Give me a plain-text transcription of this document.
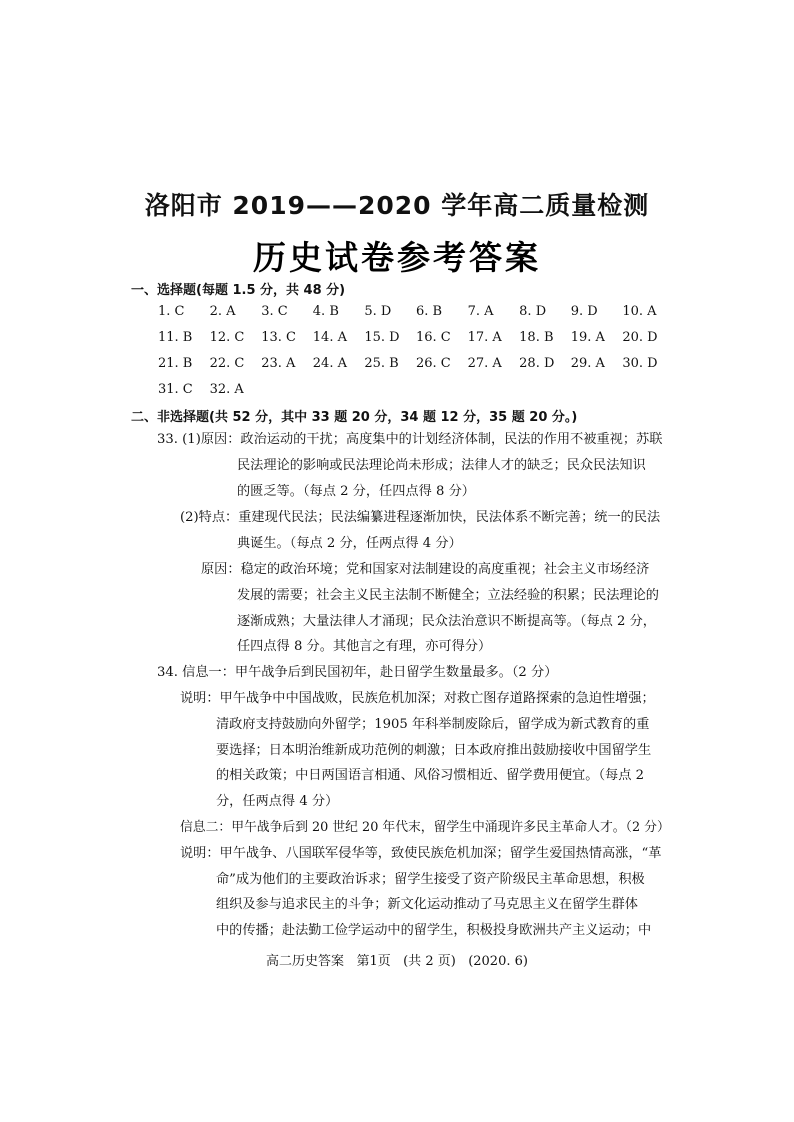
洛阳市 2019——2020 学年高二质量检测
历史试卷参考答案
一、选择题(每题 1.5 分，共 48 分)
1. C	2. A	3. C	4. B	5. D	6. B	7. A	8. D	9. D	10. A
11. B	12. C	13. C	14. A	15. D	16. C	17. A	18. B	19. A	20. D
21. B	22. C	23. A	24. A	25. B	26. C	27. A	28. D	29. A	30. D
31. C	32. A
二、非选择题(共 52 分，其中 33 题 20 分，34 题 12 分，35 题 20 分。)
33. (1)原因：政治运动的干扰；高度集中的计划经济体制，民法的作用不被重视；苏联
民法理论的影响或民法理论尚未形成；法律人才的缺乏；民众民法知识
的匮乏等。（每点 2 分，任四点得 8 分）
(2)特点：重建现代民法；民法编纂进程逐渐加快，民法体系不断完善；统一的民法
典诞生。（每点 2 分，任两点得 4 分）
原因：稳定的政治环境；党和国家对法制建设的高度重视；社会主义市场经济
发展的需要；社会主义民主法制不断健全；立法经验的积累；民法理论的
逐渐成熟；大量法律人才涌现；民众法治意识不断提高等。（每点 2 分，
任四点得 8 分。其他言之有理，亦可得分）
34. 信息一：甲午战争后到民国初年，赴日留学生数量最多。（2 分）
说明：甲午战争中中国战败，民族危机加深；对救亡图存道路探索的急迫性增强；
清政府支持鼓励向外留学；1905 年科举制废除后，留学成为新式教育的重
要选择；日本明治维新成功范例的刺激；日本政府推出鼓励接收中国留学生
的相关政策；中日两国语言相通、风俗习惯相近、留学费用便宜。（每点 2
分，任两点得 4 分）
信息二：甲午战争后到 20 世纪 20 年代末，留学生中涌现许多民主革命人才。（2 分）
说明：甲午战争、八国联军侵华等，致使民族危机加深；留学生爱国热情高涨，“革
命”成为他们的主要政治诉求；留学生接受了资产阶级民主革命思想，积极
组织及参与追求民主的斗争；新文化运动推动了马克思主义在留学生群体
中的传播；赴法勤工俭学运动中的留学生，积极投身欧洲共产主义运动；中
高二历史答案   第1页   (共 2 页)   (2020. 6)
